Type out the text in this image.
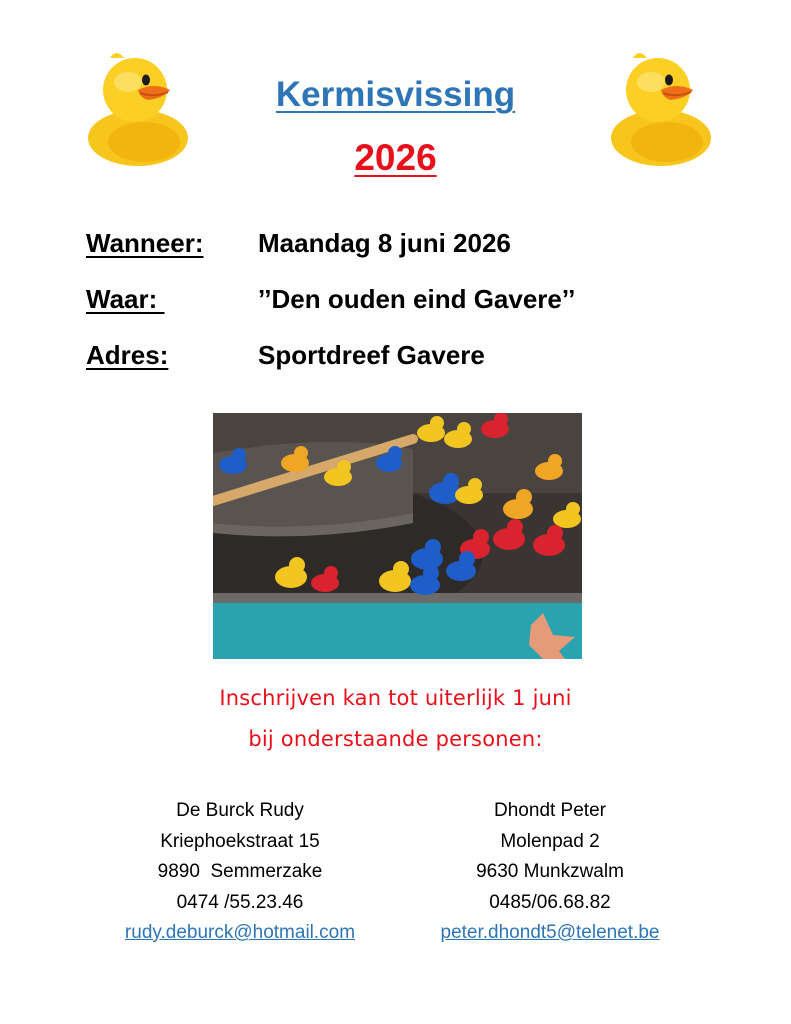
Kermisvissing
2026
Wanneer: Maandag 8 juni 2026
Waar:	’’Den ouden eind Gavere’’
Adres:	Sportdreef Gavere
Inschrijven kan tot uiterlijk 1 juni
bij onderstaande personen:
De Burck Rudy
Kriephoekstraat 15
9890  Semmerzake
0474 /55.23.46
rudy.deburck@hotmail.com
Dhondt Peter
Molenpad 2
9630 Munkzwalm
0485/06.68.82
peter.dhondt5@telenet.be
